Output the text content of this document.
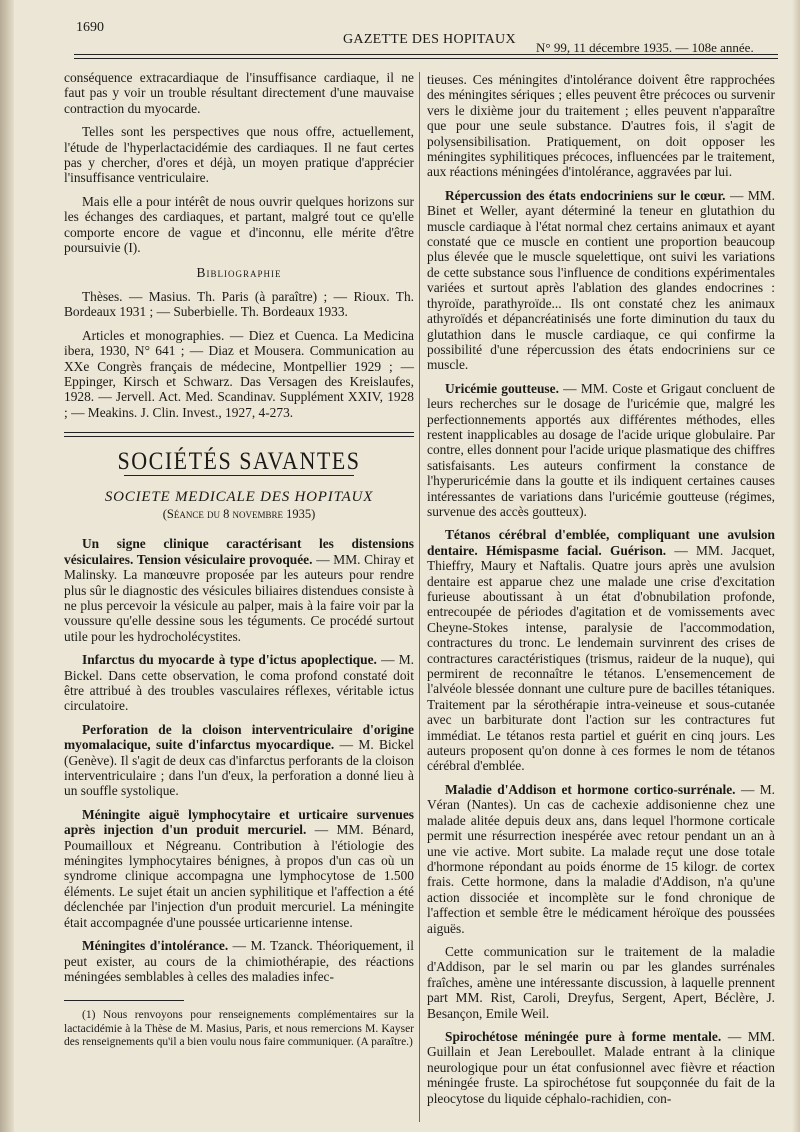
1690
GAZETTE DES HOPITAUX
N° 99, 11 décembre 1935. — 108e année.

conséquence extracardiaque de l'insuffisance cardiaque, il ne faut pas y voir un trouble résultant directement d'une mauvaise contraction du myocarde.

Telles sont les perspectives que nous offre, actuellement, l'étude de l'hyperlactacidémie des cardiaques. Il ne faut certes pas y chercher, d'ores et déjà, un moyen pratique d'apprécier l'insuffisance ventriculaire.

Mais elle a pour intérêt de nous ouvrir quelques horizons sur les échanges des cardiaques, et partant, malgré tout ce qu'elle comporte encore de vague et d'inconnu, elle mérite d'être poursuivie (I).

Bibliographie

Thèses. — Masius. Th. Paris (à paraître) ; — Rioux. Th. Bordeaux 1931 ; — Suberbielle. Th. Bordeaux 1933.

Articles et monographies. — Diez et Cuenca. La Medicina ibera, 1930, N° 641 ; — Diaz et Mousera. Communication au XXe Congrès français de médecine, Montpellier 1929 ; — Eppinger, Kirsch et Schwarz. Das Versagen des Kreislaufes, 1928. — Jervell. Act. Med. Scandinav. Supplément XXIV, 1928 ; — Meakins. J. Clin. Invest., 1927, 4-273.

SOCIÉTÉS SAVANTES

SOCIETE MEDICALE DES HOPITAUX

(Séance du 8 novembre 1935)

Un signe clinique caractérisant les distensions vésiculaires. Tension vésiculaire provoquée. — MM. Chiray et Malinsky. La manœuvre proposée par les auteurs pour rendre plus sûr le diagnostic des vésicules biliaires distendues consiste à ne plus percevoir la vésicule au palper, mais à la faire voir par la voussure qu'elle dessine sous les téguments. Ce procédé surtout utile pour les hydrocholécystites.

Infarctus du myocarde à type d'ictus apoplectique. — M. Bickel. Dans cette observation, le coma profond constaté doit être attribué à des troubles vasculaires réflexes, véritable ictus circulatoire.

Perforation de la cloison interventriculaire d'origine myomalacique, suite d'infarctus myocardique. — M. Bickel (Genève). Il s'agit de deux cas d'infarctus perforants de la cloison interventriculaire ; dans l'un d'eux, la perforation a donné lieu à un souffle systolique.

Méningite aiguë lymphocytaire et urticaire survenues après injection d'un produit mercuriel. — MM. Bénard, Poumailloux et Négreanu. Contribution à l'étiologie des méningites lymphocytaires bénignes, à propos d'un cas où un syndrome clinique accompagna une lymphocytose de 1.500 éléments. Le sujet était un ancien syphilitique et l'affection a été déclenchée par l'injection d'un produit mercuriel. La méningite était accompagnée d'une poussée urticarienne intense.

Méningites d'intolérance. — M. Tzanck. Théoriquement, il peut exister, au cours de la chimiothérapie, des réactions méningées semblables à celles des maladies infec-

(1) Nous renvoyons pour renseignements complémentaires sur la lactacidémie à la Thèse de M. Masius, Paris, et nous remercions M. Kayser des renseignements qu'il a bien voulu nous faire communiquer. (A paraître.)

tieuses. Ces méningites d'intolérance doivent être rapprochées des méningites sériques ; elles peuvent être précoces ou survenir vers le dixième jour du traitement ; elles peuvent n'apparaître que pour une seule substance. D'autres fois, il s'agit de polysensibilisation. Pratiquement, on doit opposer les méningites syphilitiques précoces, influencées par le traitement, aux réactions méningées d'intolérance, aggravées par lui.

Répercussion des états endocriniens sur le cœur. — MM. Binet et Weller, ayant déterminé la teneur en glutathion du muscle cardiaque à l'état normal chez certains animaux et ayant constaté que ce muscle en contient une proportion beaucoup plus élevée que le muscle squelettique, ont suivi les variations de cette substance sous l'influence de conditions expérimentales variées et surtout après l'ablation des glandes endocrines : thyroïde, parathyroïde... Ils ont constaté chez les animaux athyroïdés et dépancréatinisés une forte diminution du taux du glutathion dans le muscle cardiaque, ce qui confirme la possibilité d'une répercussion des états endocriniens sur ce muscle.

Uricémie goutteuse. — MM. Coste et Grigaut concluent de leurs recherches sur le dosage de l'uricémie que, malgré les perfectionnements apportés aux différentes méthodes, elles restent inapplicables au dosage de l'acide urique globulaire. Par contre, elles donnent pour l'acide urique plasmatique des chiffres satisfaisants. Les auteurs confirment la constance de l'hyperuricémie dans la goutte et ils indiquent certaines causes intéressantes de variations dans l'uricémie goutteuse (régimes, survenue des accès goutteux).

Tétanos cérébral d'emblée, compliquant une avulsion dentaire. Hémispasme facial. Guérison. — MM. Jacquet, Thieffry, Maury et Naftalis. Quatre jours après une avulsion dentaire est apparue chez une malade une crise d'excitation furieuse aboutissant à un état d'obnubilation profonde, entrecoupée de périodes d'agitation et de vomissements avec Cheyne-Stokes intense, paralysie de l'accommodation, contractures du tronc. Le lendemain survinrent des crises de contractures caractéristiques (trismus, raideur de la nuque), qui permirent de reconnaître le tétanos. L'ensemencement de l'alvéole blessée donnant une culture pure de bacilles tétaniques. Traitement par la sérothérapie intra-veineuse et sous-cutanée avec un barbiturate dont l'action sur les contractures fut immédiat. Le tétanos resta partiel et guérit en cinq jours. Les auteurs proposent qu'on donne à ces formes le nom de tétanos cérébral d'emblée.

Maladie d'Addison et hormone cortico-surrénale. — M. Véran (Nantes). Un cas de cachexie addisonienne chez une malade alitée depuis deux ans, dans lequel l'hormone corticale permit une résurrection inespérée avec retour pendant un an à une vie active. Mort subite. La malade reçut une dose totale d'hormone répondant au poids énorme de 15 kilogr. de cortex frais. Cette hormone, dans la maladie d'Addison, n'a qu'une action dissociée et incomplète sur le fond chronique de l'affection et semble être le médicament héroïque des poussées aiguës.

Cette communication sur le traitement de la maladie d'Addison, par le sel marin ou par les glandes surrénales fraîches, amène une intéressante discussion, à laquelle prennent part MM. Rist, Caroli, Dreyfus, Sergent, Apert, Béclère, J. Besançon, Emile Weil.

Spirochétose méningée pure à forme mentale. — MM. Guillain et Jean Lereboullet. Malade entrant à la clinique neurologique pour un état confusionnel avec fièvre et réaction méningée fruste. La spirochétose fut soupçonnée du fait de la pleocytose du liquide céphalo-rachidien, con-
